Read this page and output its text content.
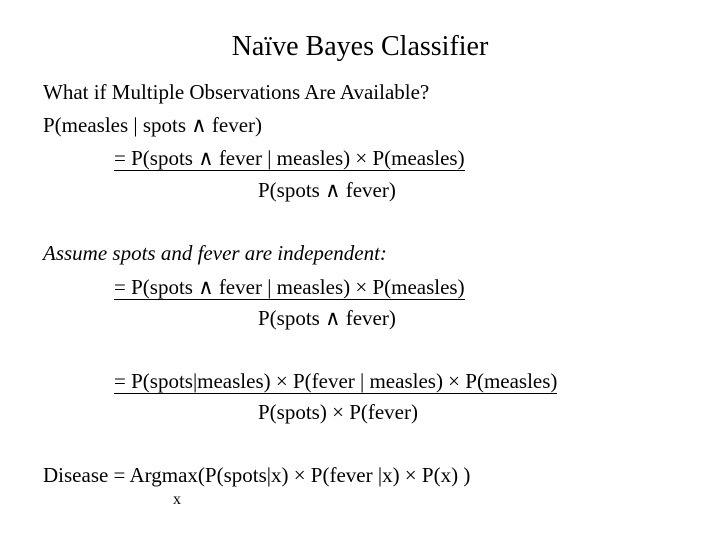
Naïve Bayes Classifier
What if Multiple Observations Are Available?
P(measles | spots ∧ fever)
= P(spots ∧ fever | measles) × P(measles)
P(spots ∧ fever)
Assume spots and fever are independent:
= P(spots ∧ fever | measles) × P(measles)
P(spots ∧ fever)
= P(spots|measles) × P(fever | measles) × P(measles)
P(spots) × P(fever)
Disease = Argmax(P(spots|x) × P(fever |x) × P(x) )
x
